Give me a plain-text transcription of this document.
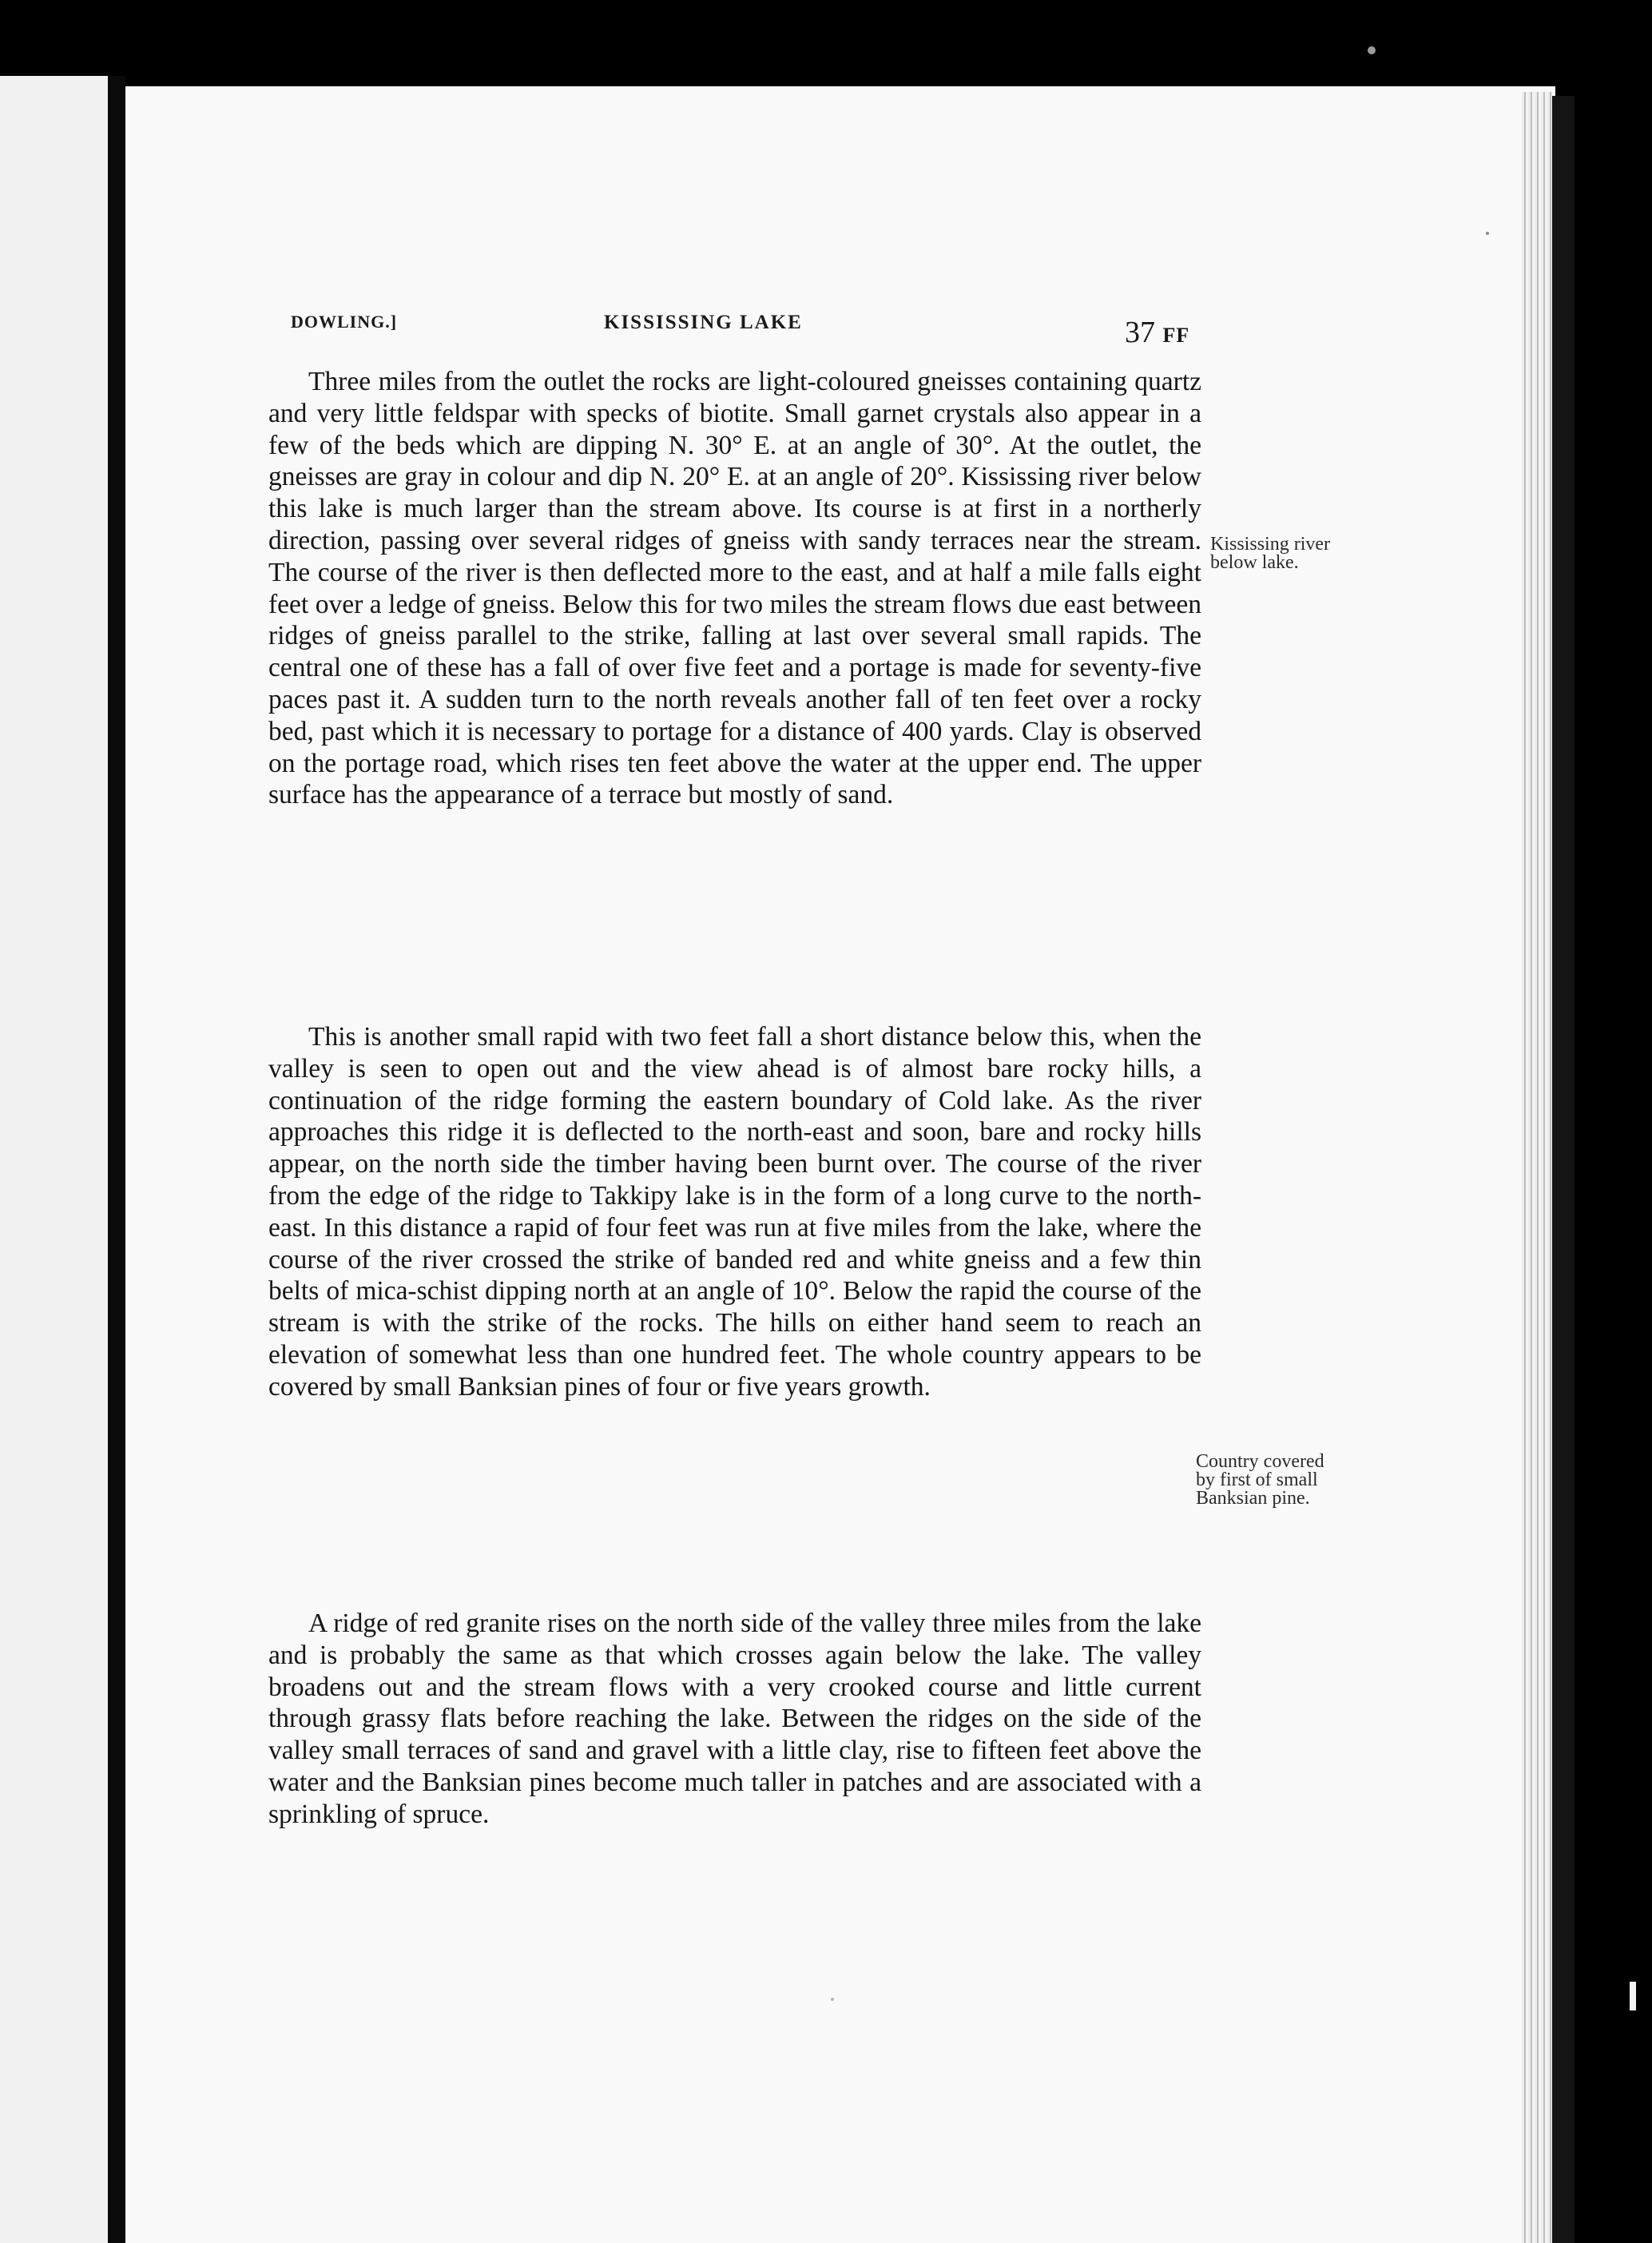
DOWLING.]	KISSISSING LAKE	37 FF

Three miles from the outlet the rocks are light-coloured gneisses containing quartz and very little feldspar with specks of biotite. Small garnet crystals also appear in a few of the beds which are dipping N. 30° E. at an angle of 30°. At the outlet, the gneisses are gray in colour and dip N. 20° E. at an angle of 20°. Kississing river below this lake is much larger than the stream above. Its course is at first in a northerly direction, passing over several ridges of gneiss with sandy terraces near the stream. The course of the river is then deflected more to the east, and at half a mile falls eight feet over a ledge of gneiss. Below this for two miles the stream flows due east between ridges of gneiss parallel to the strike, falling at last over several small rapids. The central one of these has a fall of over five feet and a portage is made for seventy-five paces past it. A sudden turn to the north reveals another fall of ten feet over a rocky bed, past which it is necessary to portage for a distance of 400 yards. Clay is observed on the portage road, which rises ten feet above the water at the upper end. The upper surface has the appearance of a terrace but mostly of sand.

This is another small rapid with two feet fall a short distance below this, when the valley is seen to open out and the view ahead is of almost bare rocky hills, a continuation of the ridge forming the eastern boundary of Cold lake. As the river approaches this ridge it is deflected to the north-east and soon, bare and rocky hills appear, on the north side the timber having been burnt over. The course of the river from the edge of the ridge to Takkipy lake is in the form of a long curve to the north-east. In this distance a rapid of four feet was run at five miles from the lake, where the course of the river crossed the strike of banded red and white gneiss and a few thin belts of mica-schist dipping north at an angle of 10°. Below the rapid the course of the stream is with the strike of the rocks. The hills on either hand seem to reach an elevation of somewhat less than one hundred feet. The whole country appears to be covered by small Banksian pines of four or five years growth.

A ridge of red granite rises on the north side of the valley three miles from the lake and is probably the same as that which crosses again below the lake. The valley broadens out and the stream flows with a very crooked course and little current through grassy flats before reaching the lake. Between the ridges on the side of the valley small terraces of sand and gravel with a little clay, rise to fifteen feet above the water and the Banksian pines become much taller in patches and are associated with a sprinkling of spruce.

Kississing river below lake.
Country covered by first of small Banksian pine.
